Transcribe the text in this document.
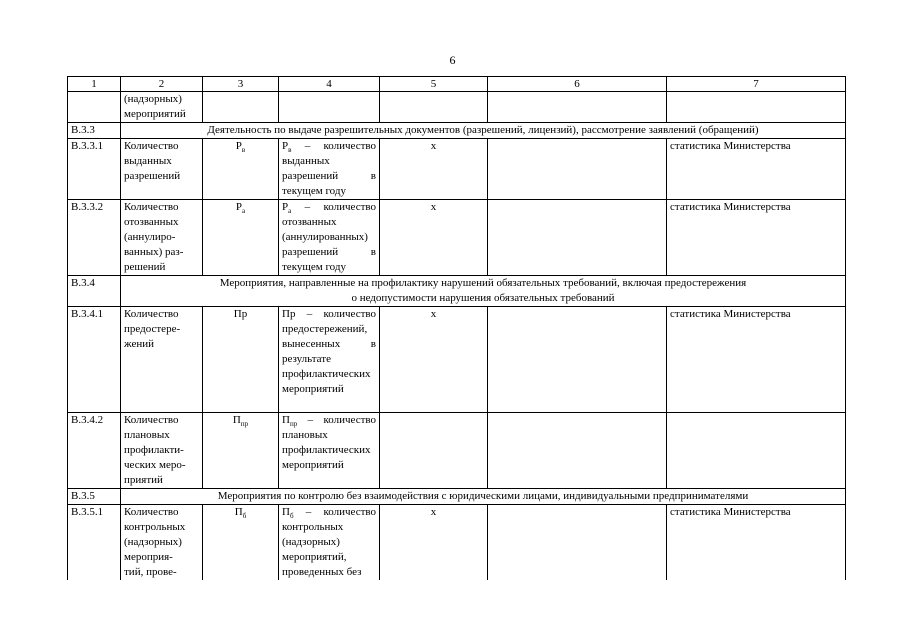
6
1	2	3	4	5	6	7
	(надзорных)
мероприятий					
В.3.3	Деятельность по выдаче разрешительных документов (разрешений, лицензий), рассмотрение заявлений (обращений)					
В.3.3.1	Количество
выданных
разрешений	$Р_в$	$Р_в$ – количество выданных разрешений в текущем году	х		статистика Министерства
В.3.3.2	Количество
отозванных
(аннулиро-
ванных) раз-
решений	$Р_а$	$Р_а$ – количество отозванных (аннулированных) разрешений в текущем году	х		статистика Министерства
В.3.4	Мероприятия, направленные на профилактику нарушений обязательных требований, включая предостережения
о недопустимости нарушения обязательных требований					
В.3.4.1	Количество
предостере-
жений	Пр	Пр – количество предостережений, вынесенных в результате профилактических мероприятий	х		статистика Министерства
В.3.4.2	Количество
плановых
профилакти-
ческих меро-
приятий	$П_{пр}$	$П_{пр}$ – количество плановых профилактических мероприятий			
В.3.5	Мероприятия по контролю без взаимодействия с юридическими лицами, индивидуальными предпринимателями					
В.3.5.1	Количество
контрольных
(надзорных)
мероприя-
тий, прове-	$П_б$	$П_б$ – количество контрольных (надзорных) мероприятий, проведенных без	х		статистика Министерства
